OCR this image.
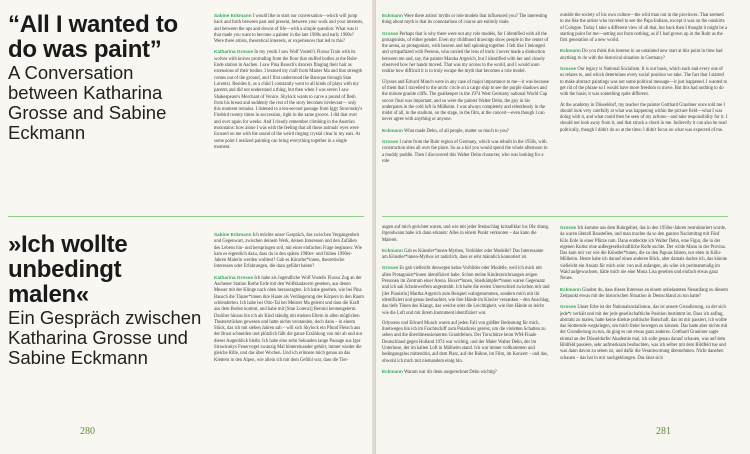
“All I wanted to do was paint”
A Conversation between Katharina Grosse and Sabine Eckmann

Sabine Eckmann I would like to start our conversation—which will jump back and forth between past and present, between your work and your interests, and between the ups and downs of life—with a simple question: What was it that made you want to become a painter in the late 1980s and early 1980s? Were there artists, theoretical interests, or experiences that led to this?

Katharina Grosse In my youth I saw Wolf Vostell's Fluxus Train with its wolves with knives protruding from the floor that stuffed bodies at the Ruhr-Ende station in Aachen. I saw Pina Bausch's dancers flinging their hair as extensions of their bodies. I learned my craft from Master Ma and that strength comes out of the ground, and I first understood the Baroque through Stan Lorentzi. Besides it, as a child I constantly went to all kinds of plays with my parents and did not understand a thing, but then when I was seven I saw Shakespeare's Merchant of Venice. Shylock wants to carve a pound of flesh from his breast and suddenly the rest of the story becomes irrelevant— only this moment remains. I listened to a ten-second passage from Iggy Stravinsky's Firebird twenty times in succession, right in the same groove. I did that over and over again for weeks. And I clearly remember climbing in the Austrian mountains: how alone I was with the feeling that all those animals' eyes were focused on me with the sound of the weird ringing crystal clear in my ears. At some point I realized painting can bring everything together in a single moment.

»Ich wollte unbedingt malen«
Ein Gespräch zwischen Katharina Grosse und Sabine Eckmann

Sabine Eckmann Ich möchte unser Gespräch, das zwischen Vergangenheit und Gegenwart, zwischen deinem Werk, deinen Interessen und den Zufällen des Lebens hin- und herspringen soll, mit einer einfachen Frage beginnen: Wie kam es eigentlich dazu, dass du in den späten 1980er- und frühen 1990er-Jahren Malerin werden wolltest? Gab es Künstler*innen, theoretische Interessen oder Erfahrungen, die dazu geführt haben?

Katharina Grosse Ich habe als Jugendliche Wolf Vostells Fluxus Zug an der Aachener Station Rothe Erde mit den Wolfskadavern gesehen, aus denen Messer mit der Klinge nach oben herausragten. Ich habe gesehen, wie bei Pina Bausch die Tänzer*innen ihre Haare als Verlängerung des Körpers in den Raum schleuderten. Ich habe bei Otto-Tal bei Meister Ma gelernt und dass die Kraft aus dem Boden kommt, und habe mit [Stan Lorenzi] Bernini kennengelernt. Darüber hinaus bin ich als Kind ständig mit meinen Eltern in allen möglichen Theaterstücken gewesen und hatte nichts verstanden, doch dann – in einem Stück, das ich mit sieben Jahren sah – will sich Shylock ein Pfund Fleisch aus der Brust schneiden und plötzlich fällt die ganze Erzählung von mir ab und nur dieser Augenblick bleibt. Ich habe eine zehn Sekunden lange Passage aus Igor Strawinskys Feuervogel zwanzig Mal hintereinander gehört, immer wieder die gleiche Rille, und das über Wochen. Und ich erinnere mich genau an das Klettern in den Alpen, wie allein ich mit dem Gefühl war, dass die Tier-

280

Eckmann Were there artists' myths or role models that influenced you? The interesting thing about myth is that its connotations of course are entirely male.

Grosse Perhaps that is why there were not any role models, for I identified with all the protagonists, of either gender. Even my childhood drawings show people in the center of the arena, as protagonists, with heaven and hell spinning together. I felt like I belonged and sympathized with Perseus, who carried the lens of truth. I never made a distinction between me and, say, the painter Marsha Argerich, but I identified with her and closely observed how her hands moved. That was my access to the world, and I would soon realize how difficult it is to truly escape the myth that becomes a role model.

Ulysses and Edvard Munch were in any case of major importance to me—it was because of them that I travelled to the arctic circle on a cargo ship to see the purple shadows and the minute granite cliffs. The goalkeeper in the 1974 West Germany national World Cup soccer final was important, and so were the painter Walter Dehn, the guy in his underpants in the cold loft in Mülheim. I was always completely and relentlessly in the midst of all, in the stadium, on the stage, in the film, at the concert—even though I can never agree with anything or anyone.

Eckmann What made Dehn, of all people, matter so much to you?

Grosse I came from the Ruhr region of Germany, which was rebuilt in the 1950s, with construction sites all over the place. So as a kid you would spend the whole afternoon in a muddy puddle. Then I discovered this Walter Dehn character, who was looking for a role

outside the society of his own culture—the wild man out in the provinces. That seemed to me like the artists who traveled to see the Papa Indians, except it was on the outskirts of Cologne. Today I take a different view of all that, but back then I thought it might be a starting point for me—setting out from nothing, as if I had grown up in the Ruhr as the first generation of a new world.

Eckmann Do you think this interest in an untainted new start at this point in time had anything to do with the historical situation in Germany?

Grosse Our legacy is National Socialism. It is our basis, which each and every one of us relates to, and which determines every social position we take. The fact that I started to make abstract paintings was not some political message—it just happened. I wanted to get rid of the phrase so I would have more freedom to move. But this had nothing to do with the basis; it was something quite different.

At the academy in Düsseldorf, my teacher the painter Gotthard Graubner once told me I should look very carefully at what was happening within the picture field—what I was doing with it, and what could then be seen of my actions—and take responsibility for it. I should not look away from it, and that struck a chord in me. Indirectly it can also be read politically, though I didn't do so at the time; I didn't focus on what was expected of me.

augen auf mich gerichtet waren, und wie mir jeder Steinschlag kristallklar ins Ohr drang. Irgendwann habe ich dann erkannt: Alles in einem Punkt verknoten – das kann die Malerei.

Eckmann Gab es Künstler*innen-Mythen, Vorbilder oder Modelle? Das Interessante am Künstler*innen-Mythos ist natürlich, dass er sehr männlich konnotiert ist.

Grosse Es gab vielleicht deswegen keine Vorbilder oder Modelle, weil ich mich mit allen Protagonist*innen identifiziert habe. Schon meine Kinderzeichnungen zeigen Personen im Zentrum einer Arena. Boxer*innen, Stierkämpfer*innen waren Gegensatz und ich sah Scheinwerfern angestrahlt. Ich habe die ersten Unterschied zwischen mir und [der Pianistin] Martha Argerich zum Beispiel wahrgenommen, sondern mich mit ihr identifiziert und genau beobachtet, wie ihre Hände im Klavier versanken – den Anschlag, das tiefe Tönen des Klangs, das weiche oder die Leichtigkeit, wie ihre Hände so leicht wie die Luft und mit ihrem Instrument identifiziert war.

Odysseus und Edvard Munch waren auf jeden Fall von größter Bedeutung für mich, ihretwegen bin ich im Frachtschiff zum Polarkreis gereist, um die violetten Schatten zu sehen und die überdimensionierten Granitfelsen. Der Torschütze beim WM-Finale Deutschland gegen Holland 1974 war wichtig, und der Maler Walter Dehn, der im Unterhose, der im kalten Loft in Mülheim stand. Ich war immer vollkommen und bedingungslos mittendrin, auf dem Platz, auf der Bühne, im Film, im Konzert – und das, obwohl ich mich mit niemandem einig bin.

Eckmann Warum war dir denn ausgerechnet Dehn wichtig?

Grosse Ich komme aus dem Ruhrgebiet, das in den 1950er-Jahren restrukturiert wurde, da waren überall Baustellen, und man machte da so den ganzen Nachmittag mit Fünf Kilo Erde in einer Pfütze rum. Dann entdeckte ich Walter Dehn, eine Figur, die in der eigenen Kultur eine außergesellschaftliche Rolle suchte. Der wilde Mann in der Provinz. Das kam mir vor wie die Künstler*innen, die zu den Papuas fahren, nur eben in Köln-Mülheim. Heute habe ich darauf einen anderen Blick, aber damals dachte ich, das könnte vielleicht ein Ansatz für mich sein: von null anfangen, als wäre ich perimammalig im Wald aufgewachsen, hätte mich nie eine Mona Lisa gesehen und einfach etwas ganz Neues.

Eckmann Glaubst du, dass dieses Interesse an einem unbelasteten Neuanfang zu diesem Zeitpunkt etwas mit der historischen Situation in Deutschland zu tun hatte?

Grosse Unser Erbe ist der Nationalsozialismus, das ist unsere Grundierung, zu der sich jede*r verhält und mit der jede gesellschaftliche Position bestimmt ist. Dass ich anfing, abstrakt zu malen, hatte keine direkte politische Botschaft, das ist mir passiert, ich wollte das Stotternde wegkriegen, um mich freier bewegen zu können. Das hatte aber nichts mit der Grundierung zu tun, da ging es um etwas ganz anderes. Gotthard Graubner sagte einmal an der Düsseldorfer Akademie mal, ich solle genau darauf schauen, was auf dem Bildfeld passiere, sehr aufmerksam beobachten, was ich selber mit dem Bildfeld tue und was dann davon zu sehen ist, und dafür die Verantwortung übernehmen. Nicht daneben schauen – das hat in mir nachgeklungen. Das lässt sich

281
